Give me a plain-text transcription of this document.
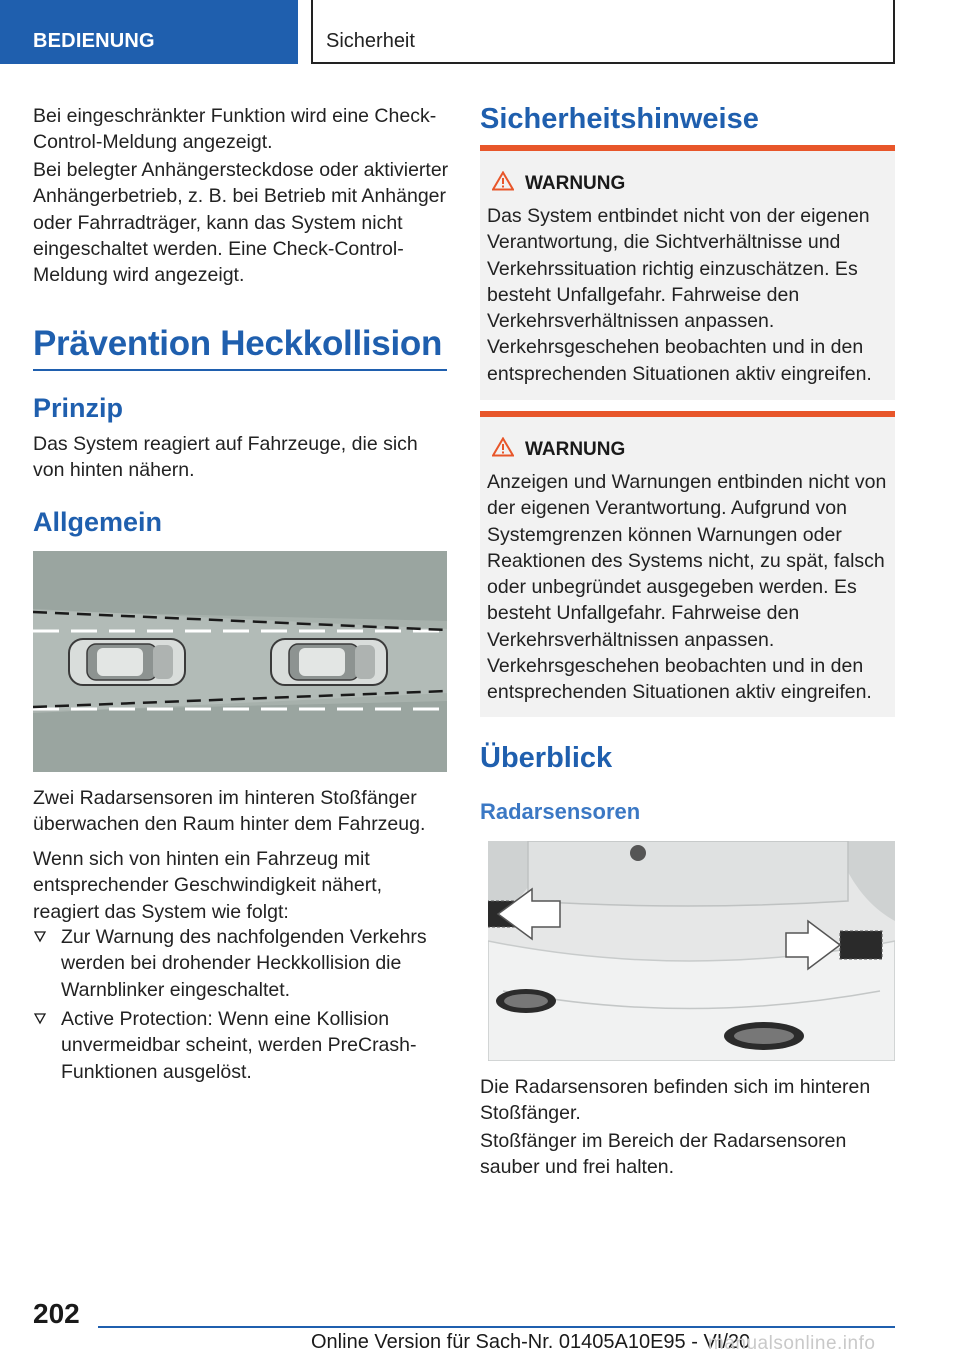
BEDIENUNG	Sicherheit

Bei eingeschränkter Funktion wird eine Check-Control-Meldung angezeigt.

Bei belegter Anhängersteckdose oder aktivierter Anhängerbetrieb, z. B. bei Betrieb mit Anhänger oder Fahrradträger, kann das System nicht eingeschaltet werden. Eine Check-Control-Meldung wird angezeigt.

Prävention Heckkollision
Prinzip

Das System reagiert auf Fahrzeuge, die sich von hinten nähern.

Allgemein

Zwei Radarsensoren im hinteren Stoßfänger überwachen den Raum hinter dem Fahrzeug.

Wenn sich von hinten ein Fahrzeug mit entsprechender Geschwindigkeit nähert, reagiert das System wie folgt:

Zur Warnung des nachfolgenden Verkehrs werden bei drohender Heckkollision die Warnblinker eingeschaltet.

Active Protection: Wenn eine Kollision unvermeidbar scheint, werden PreCrash-Funktionen ausgelöst.

Sicherheitshinweise
WARNUNG

Das System entbindet nicht von der eigenen Verantwortung, die Sichtverhältnisse und Verkehrssituation richtig einzuschätzen. Es besteht Unfallgefahr. Fahrweise den Verkehrsverhältnissen anpassen. Verkehrsgeschehen beobachten und in den entsprechenden Situationen aktiv eingreifen.

WARNUNG

Anzeigen und Warnungen entbinden nicht von der eigenen Verantwortung. Aufgrund von Systemgrenzen können Warnungen oder Reaktionen des Systems nicht, zu spät, falsch oder unbegründet ausgegeben werden. Es besteht Unfallgefahr. Fahrweise den Verkehrsverhältnissen anpassen. Verkehrsgeschehen beobachten und in den entsprechenden Situationen aktiv eingreifen.

Überblick
Radarsensoren

Die Radarsensoren befinden sich im hinteren Stoßfänger.

Stoßfänger im Bereich der Radarsensoren sauber und frei halten.

202
Online Version für Sach-Nr. 01405A10E95 - VI/20
manualsonline.info
